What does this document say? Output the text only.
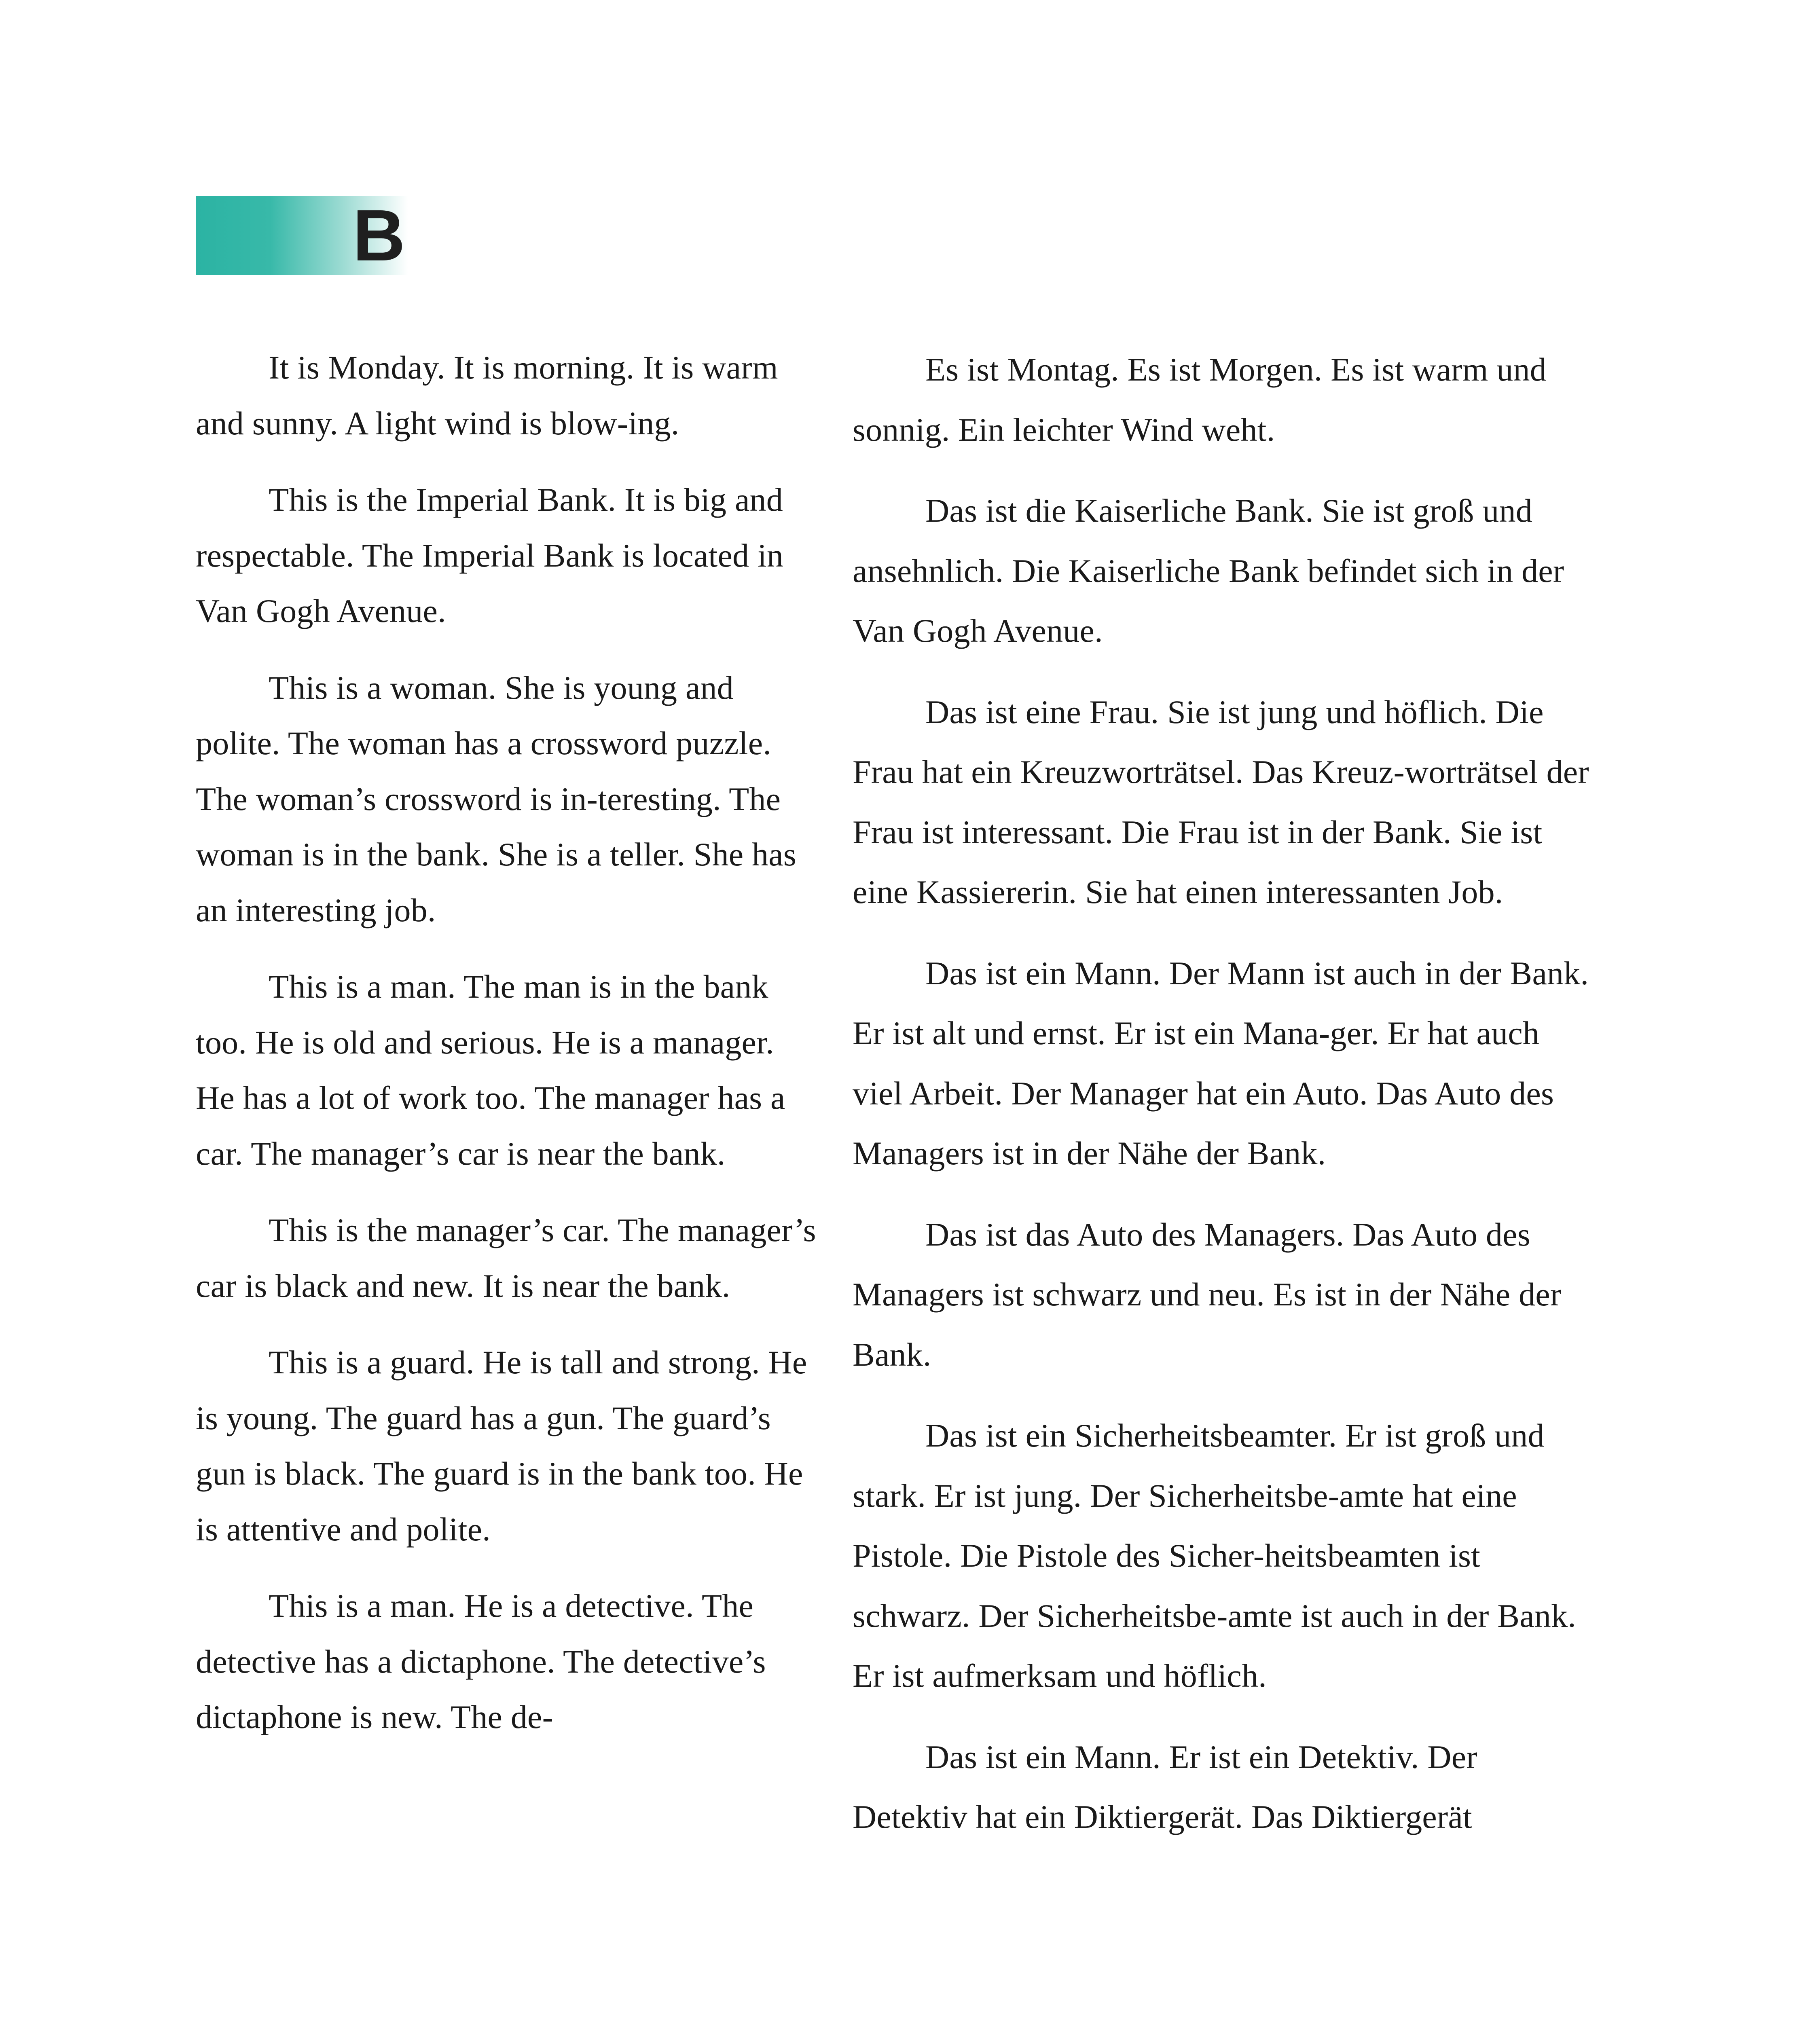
B

It is Monday. It is morning. It is warm and sunny. A light wind is blow-ing.

This is the Imperial Bank. It is big and respectable. The Imperial Bank is located in Van Gogh Avenue.

This is a woman. She is young and polite. The woman has a crossword puzzle. The woman’s crossword is in-teresting. The woman is in the bank. She is a teller. She has an interesting job.

This is a man. The man is in the bank too. He is old and serious. He is a manager. He has a lot of work too. The manager has a car. The manager’s car is near the bank.

This is the manager’s car. The manager’s car is black and new. It is near the bank.

This is a guard. He is tall and strong. He is young. The guard has a gun. The guard’s gun is black. The guard is in the bank too. He is attentive and polite.

This is a man. He is a detective. The detective has a dictaphone. The detective’s dictaphone is new. The de-

Es ist Montag. Es ist Morgen. Es ist warm und sonnig. Ein leichter Wind weht.

Das ist die Kaiserliche Bank. Sie ist groß und ansehnlich. Die Kaiserliche Bank befindet sich in der Van Gogh Avenue.

Das ist eine Frau. Sie ist jung und höflich. Die Frau hat ein Kreuzworträtsel. Das Kreuz-worträtsel der Frau ist interessant. Die Frau ist in der Bank. Sie ist eine Kassiererin. Sie hat einen interessanten Job.

Das ist ein Mann. Der Mann ist auch in der Bank. Er ist alt und ernst. Er ist ein Mana-ger. Er hat auch viel Arbeit. Der Manager hat ein Auto. Das Auto des Managers ist in der Nähe der Bank.

Das ist das Auto des Managers. Das Auto des Managers ist schwarz und neu. Es ist in der Nähe der Bank.

Das ist ein Sicherheitsbeamter. Er ist groß und stark. Er ist jung. Der Sicherheitsbe-amte hat eine Pistole. Die Pistole des Sicher-heitsbeamten ist schwarz. Der Sicherheitsbe-amte ist auch in der Bank. Er ist aufmerksam und höflich.

Das ist ein Mann. Er ist ein Detektiv. Der Detektiv hat ein Diktiergerät. Das Diktiergerät
